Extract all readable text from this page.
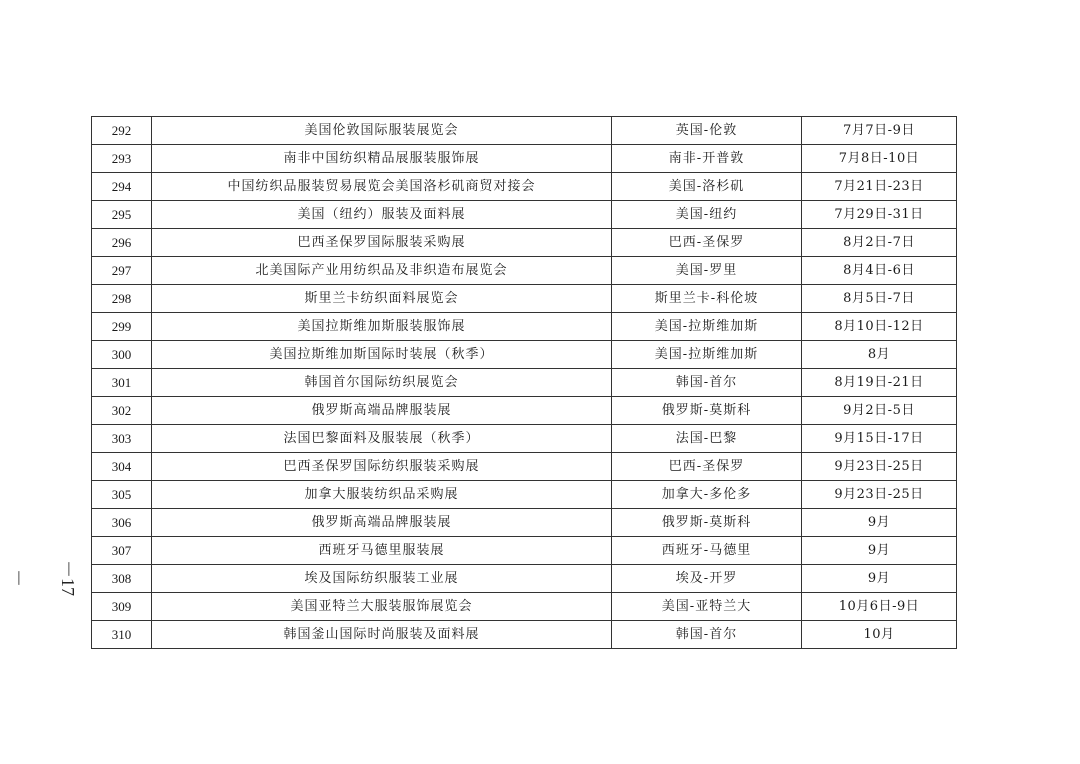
292	美国伦敦国际服装展览会	英国-伦敦	7月7日-9日
293	南非中国纺织精品展服装服饰展	南非-开普敦	7月8日-10日
294	中国纺织品服装贸易展览会美国洛杉矶商贸对接会	美国-洛杉矶	7月21日-23日
295	美国（纽约）服装及面料展	美国-纽约	7月29日-31日
296	巴西圣保罗国际服装采购展	巴西-圣保罗	8月2日-7日
297	北美国际产业用纺织品及非织造布展览会	美国-罗里	8月4日-6日
298	斯里兰卡纺织面料展览会	斯里兰卡-科伦坡	8月5日-7日
299	美国拉斯维加斯服装服饰展	美国-拉斯维加斯	8月10日-12日
300	美国拉斯维加斯国际时装展（秋季）	美国-拉斯维加斯	8月
301	韩国首尔国际纺织展览会	韩国-首尔	8月19日-21日
302	俄罗斯高端品牌服装展	俄罗斯-莫斯科	9月2日-5日
303	法国巴黎面料及服装展（秋季）	法国-巴黎	9月15日-17日
304	巴西圣保罗国际纺织服装采购展	巴西-圣保罗	9月23日-25日
305	加拿大服装纺织品采购展	加拿大-多伦多	9月23日-25日
306	俄罗斯高端品牌服装展	俄罗斯-莫斯科	9月
307	西班牙马德里服装展	西班牙-马德里	9月
308	埃及国际纺织服装工业展	埃及-开罗	9月
309	美国亚特兰大服装服饰展览会	美国-亚特兰大	10月6日-9日
310	韩国釜山国际时尚服装及面料展	韩国-首尔	10月
－17－
